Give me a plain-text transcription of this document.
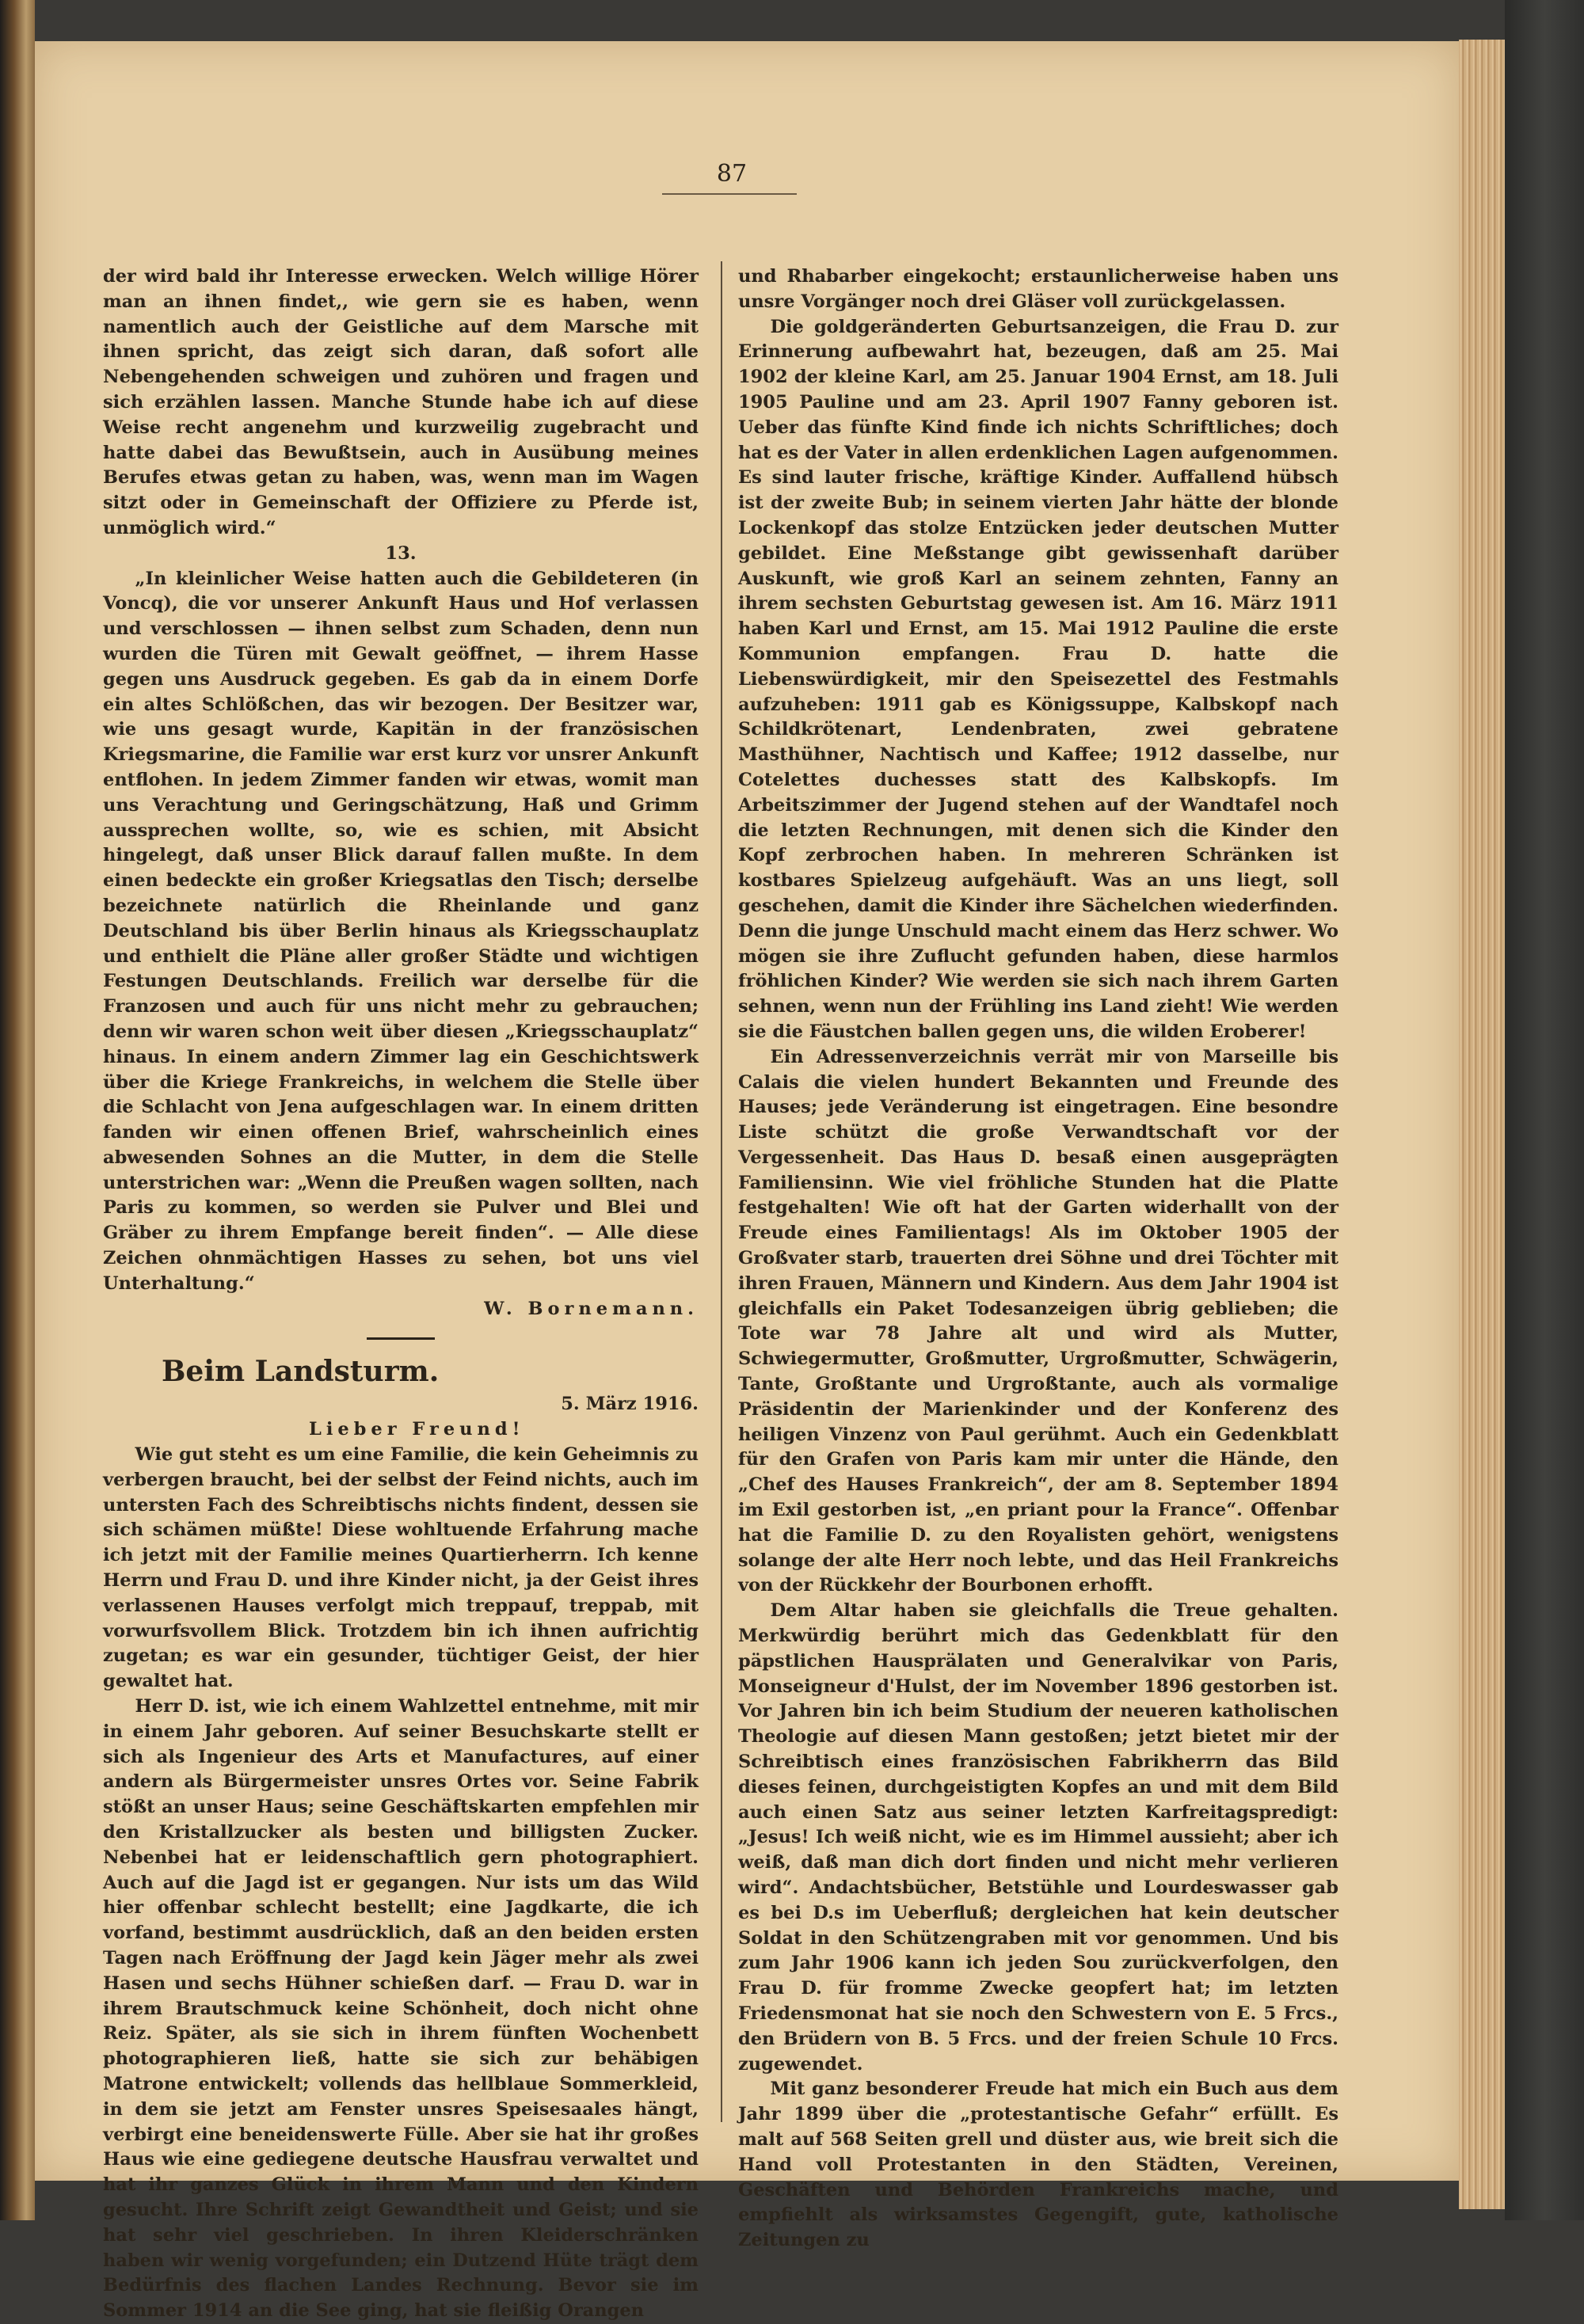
87

der wird bald ihr Interesse erwecken. Welch willige Hörer man an ihnen findet,, wie gern sie es haben, wenn namentlich auch der Geistliche auf dem Marsche mit ihnen spricht, das zeigt sich daran, daß sofort alle Nebengehenden schweigen und zuhören und fragen und sich erzählen lassen. Manche Stunde habe ich auf diese Weise recht angenehm und kurzweilig zugebracht und hatte dabei das Bewußtsein, auch in Ausübung meines Berufes etwas getan zu haben, was, wenn man im Wagen sitzt oder in Gemeinschaft der Offiziere zu Pferde ist, unmöglich wird.“

13.

„In kleinlicher Weise hatten auch die Gebildeteren (in Voncq), die vor unserer Ankunft Haus und Hof verlassen und verschlossen — ihnen selbst zum Schaden, denn nun wurden die Türen mit Gewalt geöffnet, — ihrem Hasse gegen uns Ausdruck gegeben. Es gab da in einem Dorfe ein altes Schlößchen, das wir bezogen. Der Besitzer war, wie uns gesagt wurde, Kapitän in der französischen Kriegsmarine, die Familie war erst kurz vor unsrer Ankunft entflohen. In jedem Zimmer fanden wir etwas, womit man uns Verachtung und Geringschätzung, Haß und Grimm aussprechen wollte, so, wie es schien, mit Absicht hingelegt, daß unser Blick darauf fallen mußte. In dem einen bedeckte ein großer Kriegsatlas den Tisch; derselbe bezeichnete natürlich die Rheinlande und ganz Deutschland bis über Berlin hinaus als Kriegsschauplatz und enthielt die Pläne aller großer Städte und wichtigen Festungen Deutschlands. Freilich war derselbe für die Franzosen und auch für uns nicht mehr zu gebrauchen; denn wir waren schon weit über diesen „Kriegsschauplatz“ hinaus. In einem andern Zimmer lag ein Geschichtswerk über die Kriege Frankreichs, in welchem die Stelle über die Schlacht von Jena aufgeschlagen war. In einem dritten fanden wir einen offenen Brief, wahrscheinlich eines abwesenden Sohnes an die Mutter, in dem die Stelle unterstrichen war: „Wenn die Preußen wagen sollten, nach Paris zu kommen, so werden sie Pulver und Blei und Gräber zu ihrem Empfange bereit finden“. — Alle diese Zeichen ohnmächtigen Hasses zu sehen, bot uns viel Unterhaltung.“

W. Bornemann.

Beim Landsturm.

5. März 1916.

Lieber Freund!

Wie gut steht es um eine Familie, die kein Geheimnis zu verbergen braucht, bei der selbst der Feind nichts, auch im untersten Fach des Schreibtischs nichts findent, dessen sie sich schämen müßte! Diese wohltuende Erfahrung mache ich jetzt mit der Familie meines Quartierherrn. Ich kenne Herrn und Frau D. und ihre Kinder nicht, ja der Geist ihres verlassenen Hauses verfolgt mich treppauf, treppab, mit vorwurfsvollem Blick. Trotzdem bin ich ihnen aufrichtig zugetan; es war ein gesunder, tüchtiger Geist, der hier gewaltet hat.

Herr D. ist, wie ich einem Wahlzettel entnehme, mit mir in einem Jahr geboren. Auf seiner Besuchskarte stellt er sich als Ingenieur des Arts et Manufactures, auf einer andern als Bürgermeister unsres Ortes vor. Seine Fabrik stößt an unser Haus; seine Geschäftskarten empfehlen mir den Kristallzucker als besten und billigsten Zucker. Nebenbei hat er leidenschaftlich gern photographiert. Auch auf die Jagd ist er gegangen. Nur ists um das Wild hier offenbar schlecht bestellt; eine Jagdkarte, die ich vorfand, bestimmt ausdrücklich, daß an den beiden ersten Tagen nach Eröffnung der Jagd kein Jäger mehr als zwei Hasen und sechs Hühner schießen darf. — Frau D. war in ihrem Brautschmuck keine Schönheit, doch nicht ohne Reiz. Später, als sie sich in ihrem fünften Wochenbett photographieren ließ, hatte sie sich zur behäbigen Matrone entwickelt; vollends das hellblaue Sommerkleid, in dem sie jetzt am Fenster unsres Speisesaales hängt, verbirgt eine beneidenswerte Fülle. Aber sie hat ihr großes Haus wie eine gediegene deutsche Hausfrau verwaltet und hat ihr ganzes Glück in ihrem Mann und den Kindern gesucht. Ihre Schrift zeigt Gewandtheit und Geist; und sie hat sehr viel geschrieben. In ihren Kleiderschränken haben wir wenig vorgefunden; ein Dutzend Hüte trägt dem Bedürfnis des flachen Landes Rechnung. Bevor sie im Sommer 1914 an die See ging, hat sie fleißig Orangen

und Rhabarber eingekocht; erstaunlicherweise haben uns unsre Vorgänger noch drei Gläser voll zurückgelassen.

Die goldgeränderten Geburtsanzeigen, die Frau D. zur Erinnerung aufbewahrt hat, bezeugen, daß am 25. Mai 1902 der kleine Karl, am 25. Januar 1904 Ernst, am 18. Juli 1905 Pauline und am 23. April 1907 Fanny geboren ist. Ueber das fünfte Kind finde ich nichts Schriftliches; doch hat es der Vater in allen erdenklichen Lagen aufgenommen. Es sind lauter frische, kräftige Kinder. Auffallend hübsch ist der zweite Bub; in seinem vierten Jahr hätte der blonde Lockenkopf das stolze Entzücken jeder deutschen Mutter gebildet. Eine Meßstange gibt gewissenhaft darüber Auskunft, wie groß Karl an seinem zehnten, Fanny an ihrem sechsten Geburtstag gewesen ist. Am 16. März 1911 haben Karl und Ernst, am 15. Mai 1912 Pauline die erste Kommunion empfangen. Frau D. hatte die Liebenswürdigkeit, mir den Speisezettel des Festmahls aufzuheben: 1911 gab es Königssuppe, Kalbskopf nach Schildkrötenart, Lendenbraten, zwei gebratene Masthühner, Nachtisch und Kaffee; 1912 dasselbe, nur Cotelettes duchesses statt des Kalbskopfs. Im Arbeitszimmer der Jugend stehen auf der Wandtafel noch die letzten Rechnungen, mit denen sich die Kinder den Kopf zerbrochen haben. In mehreren Schränken ist kostbares Spielzeug aufgehäuft. Was an uns liegt, soll geschehen, damit die Kinder ihre Sächelchen wiederfinden. Denn die junge Unschuld macht einem das Herz schwer. Wo mögen sie ihre Zuflucht gefunden haben, diese harmlos fröhlichen Kinder? Wie werden sie sich nach ihrem Garten sehnen, wenn nun der Frühling ins Land zieht! Wie werden sie die Fäustchen ballen gegen uns, die wilden Eroberer!

Ein Adressenverzeichnis verrät mir von Marseille bis Calais die vielen hundert Bekannten und Freunde des Hauses; jede Veränderung ist eingetragen. Eine besondre Liste schützt die große Verwandtschaft vor der Vergessenheit. Das Haus D. besaß einen ausgeprägten Familiensinn. Wie viel fröhliche Stunden hat die Platte festgehalten! Wie oft hat der Garten widerhallt von der Freude eines Familientags! Als im Oktober 1905 der Großvater starb, trauerten drei Söhne und drei Töchter mit ihren Frauen, Männern und Kindern. Aus dem Jahr 1904 ist gleichfalls ein Paket Todesanzeigen übrig geblieben; die Tote war 78 Jahre alt und wird als Mutter, Schwiegermutter, Großmutter, Urgroßmutter, Schwägerin, Tante, Großtante und Urgroßtante, auch als vormalige Präsidentin der Marienkinder und der Konferenz des heiligen Vinzenz von Paul gerühmt. Auch ein Gedenkblatt für den Grafen von Paris kam mir unter die Hände, den „Chef des Hauses Frankreich“, der am 8. September 1894 im Exil gestorben ist, „en priant pour la France“. Offenbar hat die Familie D. zu den Royalisten gehört, wenigstens solange der alte Herr noch lebte, und das Heil Frankreichs von der Rückkehr der Bourbonen erhofft.

Dem Altar haben sie gleichfalls die Treue gehalten. Merkwürdig berührt mich das Gedenkblatt für den päpstlichen Hausprälaten und Generalvikar von Paris, Monseigneur d'Hulst, der im November 1896 gestorben ist. Vor Jahren bin ich beim Studium der neueren katholischen Theologie auf diesen Mann gestoßen; jetzt bietet mir der Schreibtisch eines französischen Fabrikherrn das Bild dieses feinen, durchgeistigten Kopfes an und mit dem Bild auch einen Satz aus seiner letzten Karfreitagspredigt: „Jesus! Ich weiß nicht, wie es im Himmel aussieht; aber ich weiß, daß man dich dort finden und nicht mehr verlieren wird“. Andachtsbücher, Betstühle und Lourdeswasser gab es bei D.s im Ueberfluß; dergleichen hat kein deutscher Soldat in den Schützengraben mit vor genommen. Und bis zum Jahr 1906 kann ich jeden Sou zurückverfolgen, den Frau D. für fromme Zwecke geopfert hat; im letzten Friedensmonat hat sie noch den Schwestern von E. 5 Frcs., den Brüdern von B. 5 Frcs. und der freien Schule 10 Frcs. zugewendet.

Mit ganz besonderer Freude hat mich ein Buch aus dem Jahr 1899 über die „protestantische Gefahr“ erfüllt. Es malt auf 568 Seiten grell und düster aus, wie breit sich die Hand voll Protestanten in den Städten, Vereinen, Geschäften und Behörden Frankreichs mache, und empfiehlt als wirksamstes Gegengift, gute, katholische Zeitungen zu
